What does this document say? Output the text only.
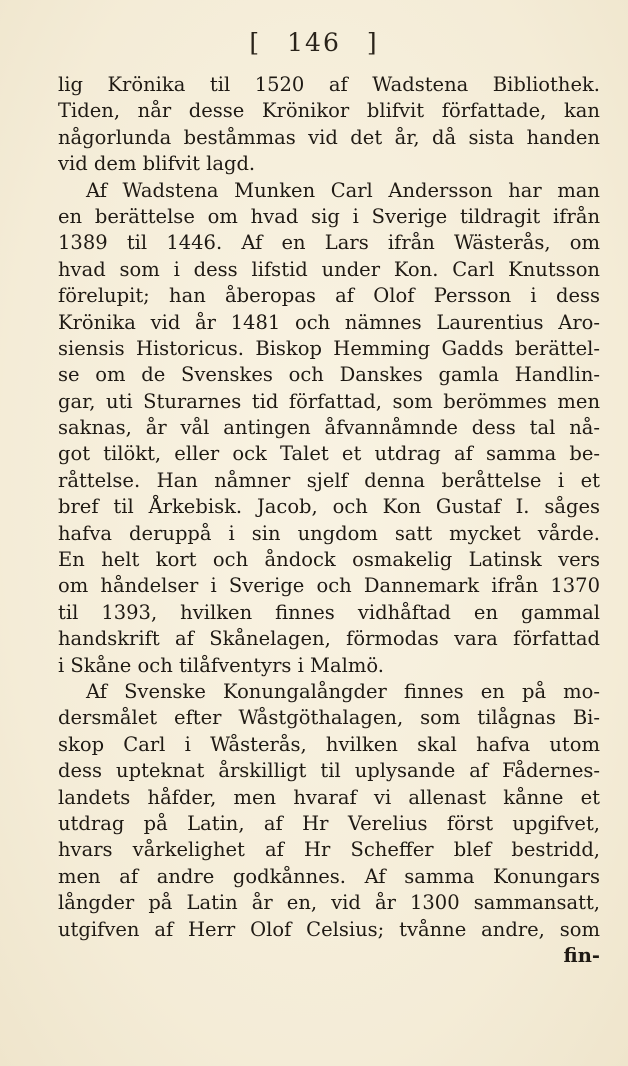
[ 146 ]
lig Krönika til 1520 af Wadstena Bibliothek.
Tiden, når desse Krönikor blifvit författade, kan
någorlunda beståmmas vid det år, då sista handen
vid dem blifvit lagd.
Af Wadstena Munken Carl Andersson har man
en berättelse om hvad sig i Sverige tildragit ifrån
1389 til 1446. Af en Lars ifrån Wästerås, om
hvad som i dess lifstid under Kon. Carl Knutsson
förelupit; han åberopas af Olof Persson i dess
Krönika vid år 1481 och nämnes Laurentius Aro-
siensis Historicus. Biskop Hemming Gadds berättel-
se om de Svenskes och Danskes gamla Handlin-
gar, uti Sturarnes tid författad, som berömmes men
saknas, år vål antingen åfvannåmnde dess tal nå-
got tilökt, eller ock Talet et utdrag af samma be-
råttelse. Han nåmner sjelf denna beråttelse i et
bref til Årkebisk. Jacob, och Kon Gustaf I. såges
hafva deruppå i sin ungdom satt mycket vårde.
En helt kort och åndock osmakelig Latinsk vers
om håndelser i Sverige och Dannemark ifrån 1370
til 1393, hvilken finnes vidhåftad en gammal
handskrift af Skånelagen, förmodas vara författad
i Skåne och tilåfventyrs i Malmö.
Af Svenske Konungalångder finnes en på mo-
dersmålet efter Wåstgöthalagen, som tilågnas Bi-
skop Carl i Wåsterås, hvilken skal hafva utom
dess upteknat årskilligt til uplysande af Fådernes-
landets håfder, men hvaraf vi allenast kånne et
utdrag på Latin, af Hr Verelius först upgifvet,
hvars vårkelighet af Hr Scheffer blef bestridd,
men af andre godkånnes. Af samma Konungars
långder på Latin år en, vid år 1300 sammansatt,
utgifven af Herr Olof Celsius; tvånne andre, som
fin-
